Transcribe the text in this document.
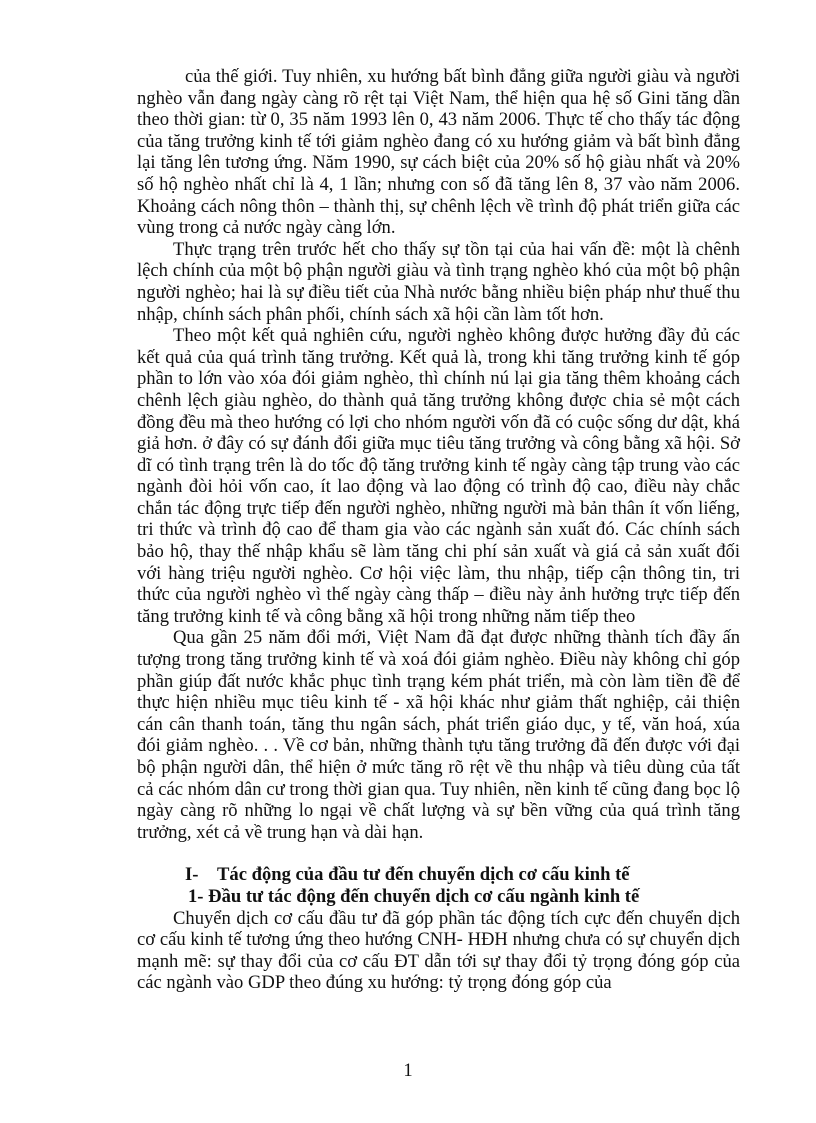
của thế giới. Tuy nhiên, xu hướng bất bình đẳng giữa người giàu và người nghèo vẫn đang ngày càng rõ rệt tại Việt Nam, thể hiện qua hệ số Gini tăng dần theo thời gian: từ 0, 35 năm 1993 lên 0, 43 năm 2006. Thực tế cho thấy tác động của tăng trưởng kinh tế tới giảm nghèo đang có xu hướng giảm và bất bình đẳng lại tăng lên tương ứng. Năm 1990, sự cách biệt của 20% số hộ giàu nhất và 20% số hộ nghèo nhất chỉ là 4, 1 lần; nhưng con số đã tăng lên 8, 37 vào năm 2006. Khoảng cách nông thôn – thành thị, sự chênh lệch về trình độ phát triển giữa các vùng trong cả nước ngày càng lớn.

Thực trạng trên trước hết cho thấy sự tồn tại của hai vấn đề: một là chênh lệch chính của một bộ phận người giàu và tình trạng nghèo khó của một bộ phận người nghèo; hai là sự điều tiết của Nhà nước bằng nhiều biện pháp như thuế thu nhập, chính sách phân phối, chính sách xã hội cần làm tốt hơn.

Theo một kết quả nghiên cứu, người nghèo không được hưởng đầy đủ các kết quả của quá trình tăng trưởng. Kết quả là, trong khi tăng trưởng kinh tế góp phần to lớn vào xóa đói giảm nghèo, thì chính nú lại gia tăng thêm khoảng cách chênh lệch giàu nghèo, do thành quả tăng trưởng không được chia sẻ một cách đồng đều mà theo hướng có lợi cho nhóm người vốn đã có cuộc sống dư dật, khá giả hơn. ở đây có sự đánh đổi giữa mục tiêu tăng trưởng và công bằng xã hội. Sở dĩ có tình trạng trên là do tốc độ tăng trưởng kinh tế ngày càng tập trung vào các ngành đòi hỏi vốn cao, ít lao động và lao động có trình độ cao, điều này chắc chắn tác động trực tiếp đến người nghèo, những người mà bản thân ít vốn liếng, tri thức và trình độ cao để tham gia vào các ngành sản xuất đó. Các chính sách bảo hộ, thay thế nhập khẩu sẽ làm tăng chi phí sản xuất và giá cả sản xuất đối với hàng triệu người nghèo. Cơ hội việc làm, thu nhập, tiếp cận thông tin, tri thức của người nghèo vì thế ngày càng thấp – điều này ảnh hưởng trực tiếp đến tăng trưởng kinh tế và công bằng xã hội trong những năm tiếp theo

Qua gần 25 năm đổi mới, Việt Nam đã đạt được những thành tích đầy ấn tượng trong tăng trưởng kinh tế và xoá đói giảm nghèo. Điều này không chỉ góp phần giúp đất nước khắc phục tình trạng kém phát triển, mà còn làm tiền đề để thực hiện nhiều mục tiêu kinh tế - xã hội khác như giảm thất nghiệp, cải thiện cán cân thanh toán, tăng thu ngân sách, phát triển giáo dục, y tế, văn hoá, xúa đói giảm nghèo. . . Về cơ bản, những thành tựu tăng trưởng đã đến được với đại bộ phận người dân, thể hiện ở mức tăng rõ rệt về thu nhập và tiêu dùng của tất cả các nhóm dân cư trong thời gian qua. Tuy nhiên, nền kinh tế cũng đang bọc lộ ngày càng rõ những lo ngại về chất lượng và sự bền vững của quá trình tăng trưởng, xét cả về trung hạn và dài hạn.

I- Tác động của đầu tư đến chuyển dịch cơ cấu kinh tế

1- Đầu tư tác động đến chuyển dịch cơ cấu ngành kinh tế

Chuyển dịch cơ cấu đầu tư đã góp phần tác động tích cực đến chuyển dịch cơ cấu kinh tế tương ứng theo hướng CNH- HĐH nhưng chưa có sự chuyển dịch mạnh mẽ: sự thay đổi của cơ cấu ĐT dẫn tới sự thay đổi tỷ trọng đóng góp của các ngành vào GDP theo đúng xu hướng: tỷ trọng đóng góp của

1
